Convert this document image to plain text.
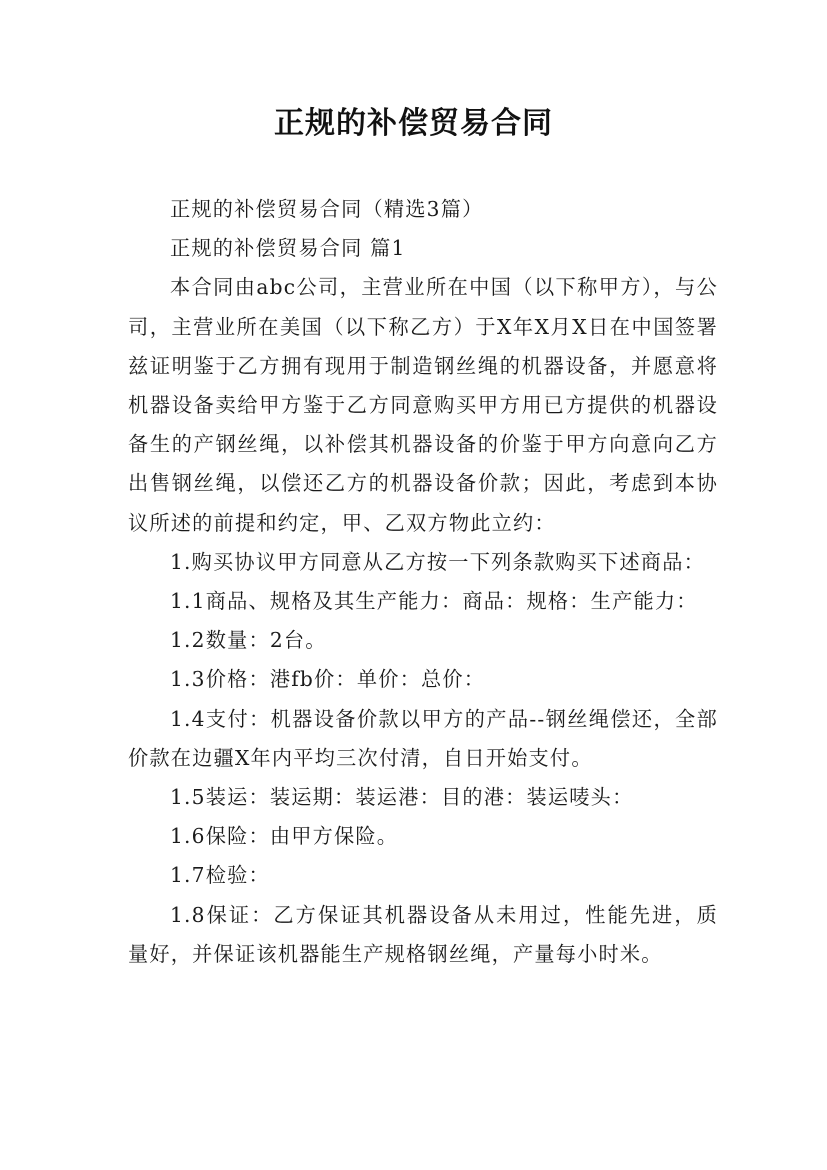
正规的补偿贸易合同

正规的补偿贸易合同（精选3篇）

正规的补偿贸易合同 篇1

本合同由abc公司，主营业所在中国（以下称甲方），与公司，主营业所在美国（以下称乙方）于X年X月X日在中国签署兹证明鉴于乙方拥有现用于制造钢丝绳的机器设备，并愿意将机器设备卖给甲方鉴于乙方同意购买甲方用已方提供的机器设备生的产钢丝绳，以补偿其机器设备的价鉴于甲方向意向乙方出售钢丝绳，以偿还乙方的机器设备价款；因此，考虑到本协议所述的前提和约定，甲、乙双方物此立约：

1.购买协议甲方同意从乙方按一下列条款购买下述商品：

1.1商品、规格及其生产能力：商品：规格：生产能力：

1.2数量：2台。

1.3价格：港fb价：单价：总价：

1.4支付：机器设备价款以甲方的产品--钢丝绳偿还，全部价款在边疆X年内平均三次付清，自日开始支付。

1.5装运：装运期：装运港：目的港：装运唛头：

1.6保险：由甲方保险。

1.7检验：

1.8保证：乙方保证其机器设备从未用过，性能先进，质量好，并保证该机器能生产规格钢丝绳，产量每小时米。
